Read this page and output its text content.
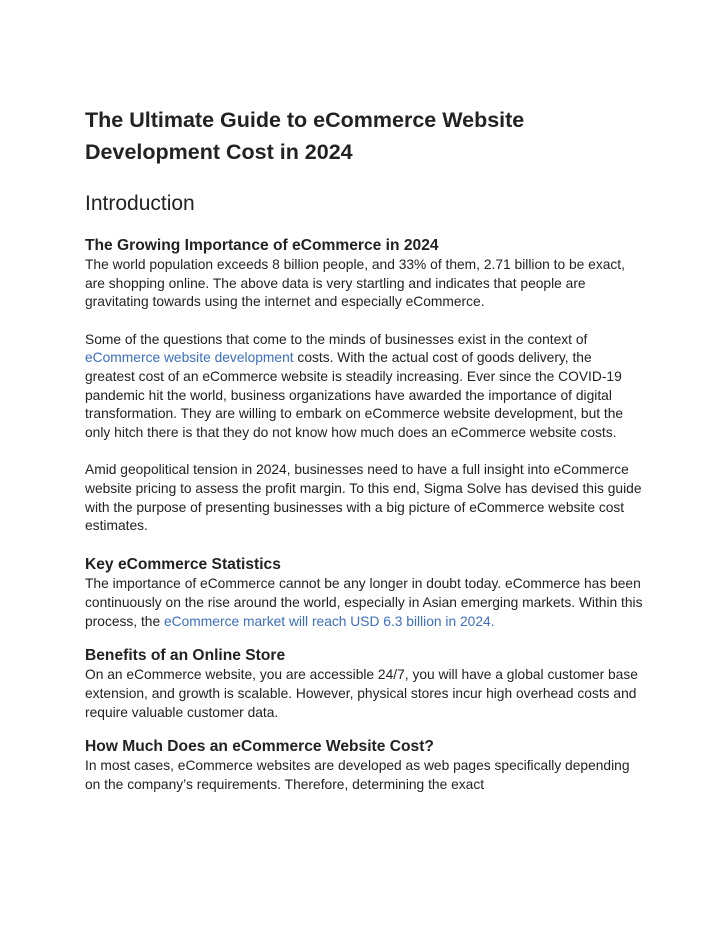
The Ultimate Guide to eCommerce Website Development Cost in 2024
Introduction
The Growing Importance of eCommerce in 2024

The world population exceeds 8 billion people, and 33% of them, 2.71 billion to be exact, are shopping online. The above data is very startling and indicates that people are gravitating towards using the internet and especially eCommerce.

Some of the questions that come to the minds of businesses exist in the context of eCommerce website development costs. With the actual cost of goods delivery, the greatest cost of an eCommerce website is steadily increasing. Ever since the COVID-19 pandemic hit the world, business organizations have awarded the importance of digital transformation. They are willing to embark on eCommerce website development, but the only hitch there is that they do not know how much does an eCommerce website costs.

Amid geopolitical tension in 2024, businesses need to have a full insight into eCommerce website pricing to assess the profit margin. To this end, Sigma Solve has devised this guide with the purpose of presenting businesses with a big picture of eCommerce website cost estimates.

Key eCommerce Statistics

The importance of eCommerce cannot be any longer in doubt today. eCommerce has been continuously on the rise around the world, especially in Asian emerging markets. Within this process, the eCommerce market will reach USD 6.3 billion in 2024.

Benefits of an Online Store

On an eCommerce website, you are accessible 24/7, you will have a global customer base extension, and growth is scalable. However, physical stores incur high overhead costs and require valuable customer data.

How Much Does an eCommerce Website Cost?

In most cases, eCommerce websites are developed as web pages specifically depending on the company’s requirements. Therefore, determining the exact
